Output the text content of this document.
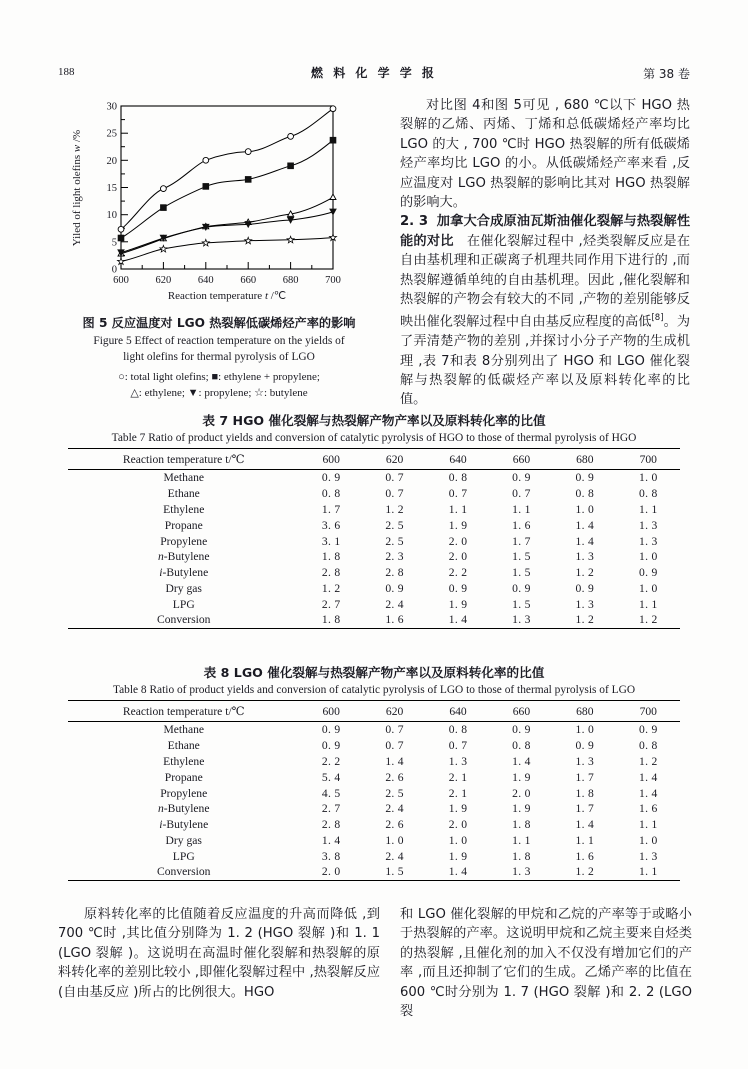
188	燃 料 化 学 学 报	第 38 卷
0
5
10
15
20
25
30
600	620	640	660	680	700
Reaction temperature t /℃
Yiled of light olefins w /%
图 5 反应温度对 LGO 热裂解低碳烯烃产率的影响
Figure 5 Effect of reaction temperature on the yields of
light olefins for thermal pyrolysis of LGO
○: total light olefins; ■: ethylene + propylene;
△: ethylene; ▼: propylene; ☆: butylene

对比图 4和图 5可见 , 680 ℃以下 HGO 热裂解的乙烯、丙烯、丁烯和总低碳烯烃产率均比 LGO 的大 , 700 ℃时 HGO 热裂解的所有低碳烯烃产率均比 LGO 的小。从低碳烯烃产率来看 ,反应温度对 LGO 热裂解的影响比其对 HGO 热裂解的影响大。

2. 3 加拿大合成原油瓦斯油催化裂解与热裂解性能的对比 在催化裂解过程中 ,烃类裂解反应是在自由基机理和正碳离子机理共同作用下进行的 ,而热裂解遵循单纯的自由基机理。因此 ,催化裂解和热裂解的产物会有较大的不同 ,产物的差别能够反映出催化裂解过程中自由基反应程度的高低[8]。为了弄清楚产物的差别 ,并探讨小分子产物的生成机理 ,表 7和表 8分别列出了 HGO 和 LGO 催化裂解与热裂解的低碳烃产率以及原料转化率的比值。

表 7 HGO 催化裂解与热裂解产物产率以及原料转化率的比值
Table 7 Ratio of product yields and conversion of catalytic pyrolysis of HGO to those of thermal pyrolysis of HGO
Reaction temperature t/℃	600	620	640	660	680	700
Methane	0. 9	0. 7	0. 8	0. 9	0. 9	1. 0
Ethane	0. 8	0. 7	0. 7	0. 7	0. 8	0. 8
Ethylene	1. 7	1. 2	1. 1	1. 1	1. 0	1. 1
Propane	3. 6	2. 5	1. 9	1. 6	1. 4	1. 3
Propylene	3. 1	2. 5	2. 0	1. 7	1. 4	1. 3
n-Butylene	1. 8	2. 3	2. 0	1. 5	1. 3	1. 0
i-Butylene	2. 8	2. 8	2. 2	1. 5	1. 2	0. 9
Dry gas	1. 2	0. 9	0. 9	0. 9	0. 9	1. 0
LPG	2. 7	2. 4	1. 9	1. 5	1. 3	1. 1
Conversion	1. 8	1. 6	1. 4	1. 3	1. 2	1. 2
表 8 LGO 催化裂解与热裂解产物产率以及原料转化率的比值
Table 8 Ratio of product yields and conversion of catalytic pyrolysis of LGO to those of thermal pyrolysis of LGO
Reaction temperature t/℃	600	620	640	660	680	700
Methane	0. 9	0. 7	0. 8	0. 9	1. 0	0. 9
Ethane	0. 9	0. 7	0. 7	0. 8	0. 9	0. 8
Ethylene	2. 2	1. 4	1. 3	1. 4	1. 3	1. 2
Propane	5. 4	2. 6	2. 1	1. 9	1. 7	1. 4
Propylene	4. 5	2. 5	2. 1	2. 0	1. 8	1. 4
n-Butylene	2. 7	2. 4	1. 9	1. 9	1. 7	1. 6
i-Butylene	2. 8	2. 6	2. 0	1. 8	1. 4	1. 1
Dry gas	1. 4	1. 0	1. 0	1. 1	1. 1	1. 0
LPG	3. 8	2. 4	1. 9	1. 8	1. 6	1. 3
Conversion	2. 0	1. 5	1. 4	1. 3	1. 2	1. 1

原料转化率的比值随着反应温度的升高而降低 ,到 700 ℃时 ,其比值分别降为 1. 2 (HGO 裂解 )和 1. 1 (LGO 裂解 )。这说明在高温时催化裂解和热裂解的原料转化率的差别比较小 ,即催化裂解过程中 ,热裂解反应 (自由基反应 )所占的比例很大。HGO

和 LGO 催化裂解的甲烷和乙烷的产率等于或略小于热裂解的产率。这说明甲烷和乙烷主要来自烃类的热裂解 ,且催化剂的加入不仅没有增加它们的产率 ,而且还抑制了它们的生成。乙烯产率的比值在 600 ℃时分别为 1. 7 (HGO 裂解 )和 2. 2 (LGO 裂
